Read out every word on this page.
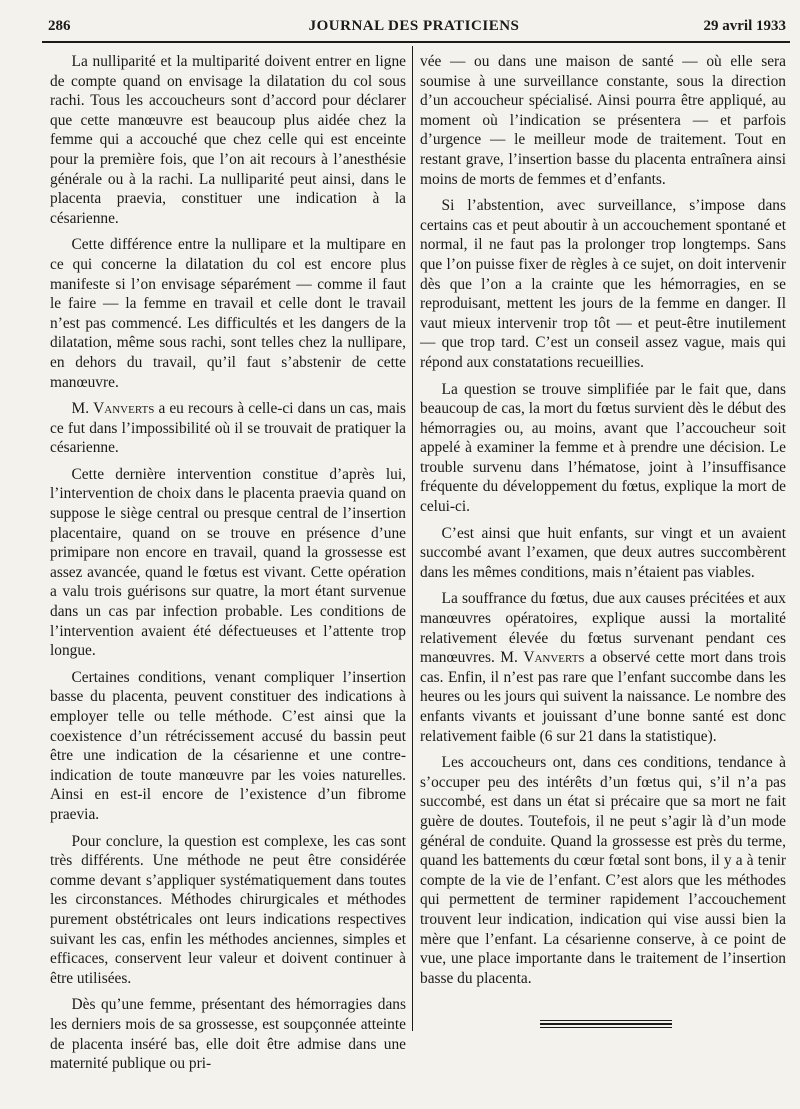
286	JOURNAL DES PRATICIENS	29 avril 1933

La nulliparité et la multiparité doivent entrer en ligne de compte quand on envisage la dilatation du col sous rachi. Tous les accoucheurs sont d’accord pour déclarer que cette manœuvre est beaucoup plus aidée chez la femme qui a accouché que chez celle qui est enceinte pour la première fois, que l’on ait recours à l’anesthésie générale ou à la rachi. La nulliparité peut ainsi, dans le placenta praevia, constituer une indication à la césarienne.

Cette différence entre la nullipare et la multipare en ce qui concerne la dilatation du col est encore plus manifeste si l’on envisage séparément — comme il faut le faire — la femme en travail et celle dont le travail n’est pas commencé. Les difficultés et les dangers de la dilatation, même sous rachi, sont telles chez la nullipare, en dehors du travail, qu’il faut s’abstenir de cette manœuvre.

M. Vanverts a eu recours à celle-ci dans un cas, mais ce fut dans l’impossibilité où il se trouvait de pratiquer la césarienne.

Cette dernière intervention constitue d’après lui, l’intervention de choix dans le placenta praevia quand on suppose le siège central ou presque central de l’insertion placentaire, quand on se trouve en présence d’une primipare non encore en travail, quand la grossesse est assez avancée, quand le fœtus est vivant. Cette opération a valu trois guérisons sur quatre, la mort étant survenue dans un cas par infection probable. Les conditions de l’intervention avaient été défectueuses et l’attente trop longue.

Certaines conditions, venant compliquer l’insertion basse du placenta, peuvent constituer des indications à employer telle ou telle méthode. C’est ainsi que la coexistence d’un rétrécissement accusé du bassin peut être une indication de la césarienne et une contre-indication de toute manœuvre par les voies naturelles. Ainsi en est-il encore de l’existence d’un fibrome praevia.

Pour conclure, la question est complexe, les cas sont très différents. Une méthode ne peut être considérée comme devant s’appliquer systématiquement dans toutes les circonstances. Méthodes chirurgicales et méthodes purement obstétricales ont leurs indications respectives suivant les cas, enfin les méthodes anciennes, simples et efficaces, conservent leur valeur et doivent continuer à être utilisées.

Dès qu’une femme, présentant des hémorragies dans les derniers mois de sa grossesse, est soupçonnée atteinte de placenta inséré bas, elle doit être admise dans une maternité publique ou pri-

vée — ou dans une maison de santé — où elle sera soumise à une surveillance constante, sous la direction d’un accoucheur spécialisé. Ainsi pourra être appliqué, au moment où l’indication se présentera — et parfois d’urgence — le meilleur mode de traitement. Tout en restant grave, l’insertion basse du placenta entraînera ainsi moins de morts de femmes et d’enfants.

Si l’abstention, avec surveillance, s’impose dans certains cas et peut aboutir à un accouchement spontané et normal, il ne faut pas la prolonger trop longtemps. Sans que l’on puisse fixer de règles à ce sujet, on doit intervenir dès que l’on a la crainte que les hémorragies, en se reproduisant, mettent les jours de la femme en danger. Il vaut mieux intervenir trop tôt — et peut-être inutilement — que trop tard. C’est un conseil assez vague, mais qui répond aux constatations recueillies.

La question se trouve simplifiée par le fait que, dans beaucoup de cas, la mort du fœtus survient dès le début des hémorragies ou, au moins, avant que l’accoucheur soit appelé à examiner la femme et à prendre une décision. Le trouble survenu dans l’hématose, joint à l’insuffisance fréquente du développement du fœtus, explique la mort de celui-ci.

C’est ainsi que huit enfants, sur vingt et un avaient succombé avant l’examen, que deux autres succombèrent dans les mêmes conditions, mais n’étaient pas viables.

La souffrance du fœtus, due aux causes précitées et aux manœuvres opératoires, explique aussi la mortalité relativement élevée du fœtus survenant pendant ces manœuvres. M. Vanverts a observé cette mort dans trois cas. Enfin, il n’est pas rare que l’enfant succombe dans les heures ou les jours qui suivent la naissance. Le nombre des enfants vivants et jouissant d’une bonne santé est donc relativement faible (6 sur 21 dans la statistique).

Les accoucheurs ont, dans ces conditions, tendance à s’occuper peu des intérêts d’un fœtus qui, s’il n’a pas succombé, est dans un état si précaire que sa mort ne fait guère de doutes. Toutefois, il ne peut s’agir là d’un mode général de conduite. Quand la grossesse est près du terme, quand les battements du cœur fœtal sont bons, il y a à tenir compte de la vie de l’enfant. C’est alors que les méthodes qui permettent de terminer rapidement l’accouchement trouvent leur indication, indication qui vise aussi bien la mère que l’enfant. La césarienne conserve, à ce point de vue, une place importante dans le traitement de l’insertion basse du placenta.
